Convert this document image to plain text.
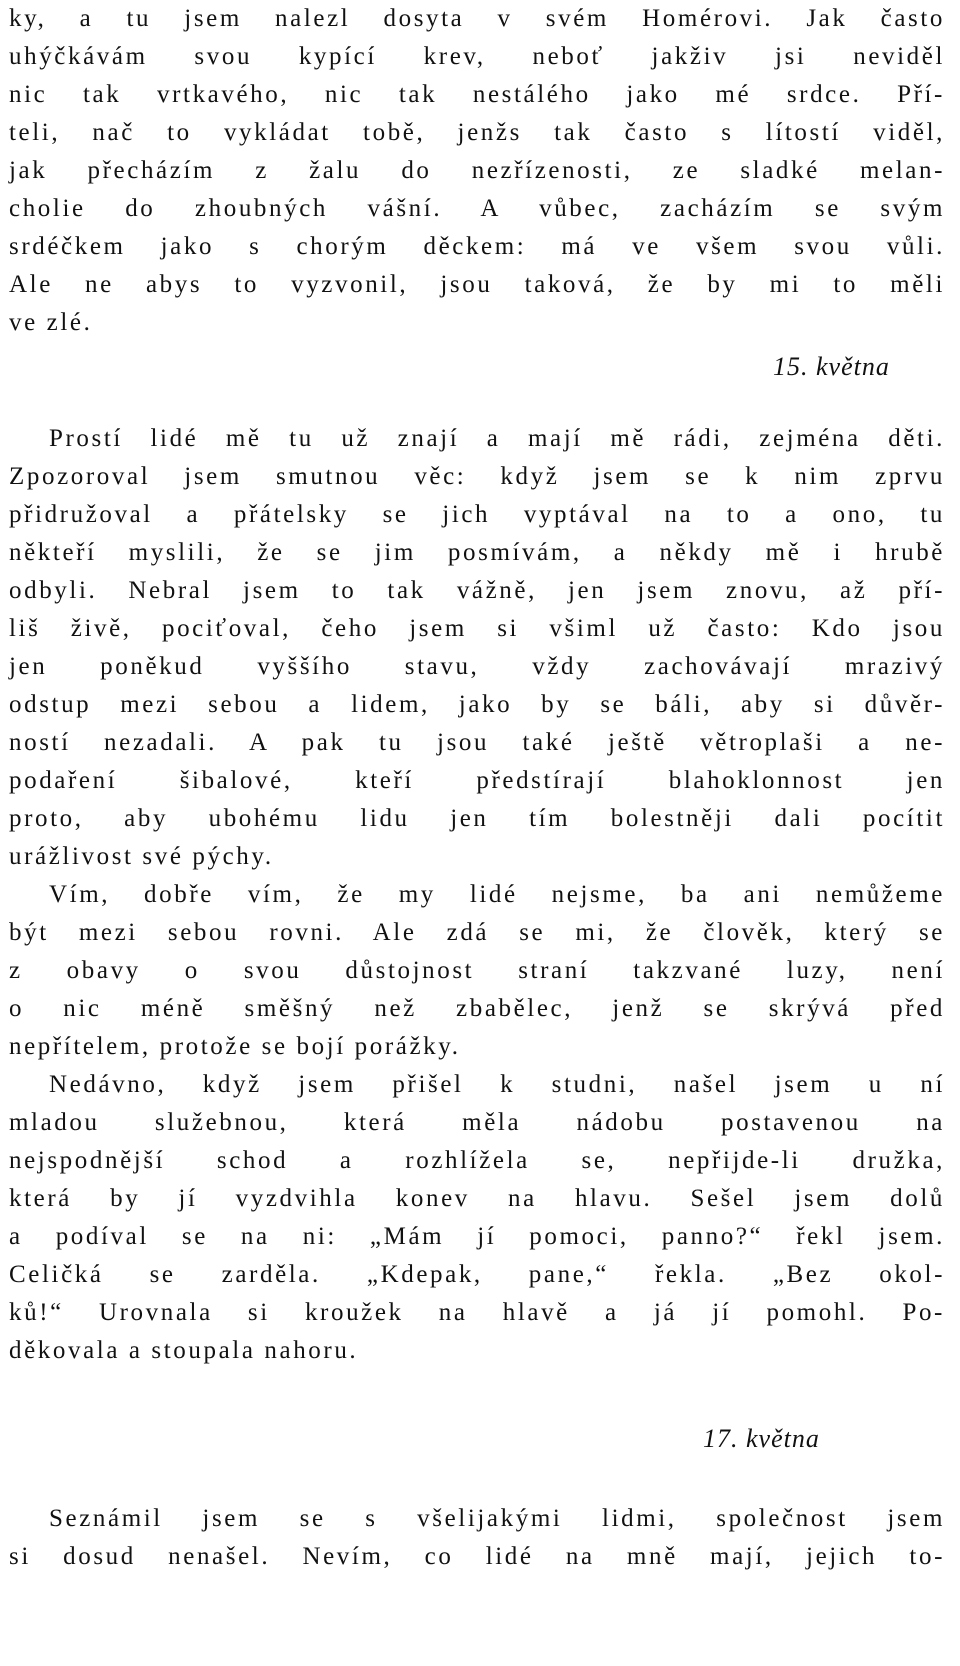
ky, a tu jsem nalezl dosyta v svém Homérovi. Jak často
uhýčkávám svou kypící krev, neboť jakživ jsi neviděl
nic tak vrtkavého, nic tak nestálého jako mé srdce. Pří-
teli, nač to vykládat tobě, jenžs tak často s lítostí viděl,
jak přecházím z žalu do nezřízenosti, ze sladké melan-
cholie do zhoubných vášní. A vůbec, zacházím se svým
srdéčkem jako s chorým děckem: má ve všem svou vůli.
Ale ne abys to vyzvonil, jsou taková, že by mi to měli
ve zlé.
15. května
Prostí lidé mě tu už znají a mají mě rádi, zejména děti.
Zpozoroval jsem smutnou věc: když jsem se k nim zprvu
přidružoval a přátelsky se jich vyptával na to a ono, tu
někteří myslili, že se jim posmívám, a někdy mě i hrubě
odbyli. Nebral jsem to tak vážně, jen jsem znovu, až pří-
liš živě, pociťoval, čeho jsem si všiml už často: Kdo jsou
jen poněkud vyššího stavu, vždy zachovávají mrazivý
odstup mezi sebou a lidem, jako by se báli, aby si důvěr-
ností nezadali. A pak tu jsou také ještě větroplaši a ne-
podaření šibalové, kteří předstírají blahoklonnost jen
proto, aby ubohému lidu jen tím bolestněji dali pocítit
urážlivost své pýchy.
Vím, dobře vím, že my lidé nejsme, ba ani nemůžeme
být mezi sebou rovni. Ale zdá se mi, že člověk, který se
z obavy o svou důstojnost straní takzvané luzy, není
o nic méně směšný než zbabělec, jenž se skrývá před
nepřítelem, protože se bojí porážky.
Nedávno, když jsem přišel k studni, našel jsem u ní
mladou služebnou, která měla nádobu postavenou na
nejspodnější schod a rozhlížela se, nepřijde-li družka,
která by jí vyzdvihla konev na hlavu. Sešel jsem dolů
a podíval se na ni: „Mám jí pomoci, panno?“ řekl jsem.
Celičká se zarděla. „Kdepak, pane,“ řekla. „Bez okol-
ků!“ Urovnala si kroužek na hlavě a já jí pomohl. Po-
děkovala a stoupala nahoru.
17. května
Seznámil jsem se s všelijakými lidmi, společnost jsem
si dosud nenašel. Nevím, co lidé na mně mají, jejich to-
